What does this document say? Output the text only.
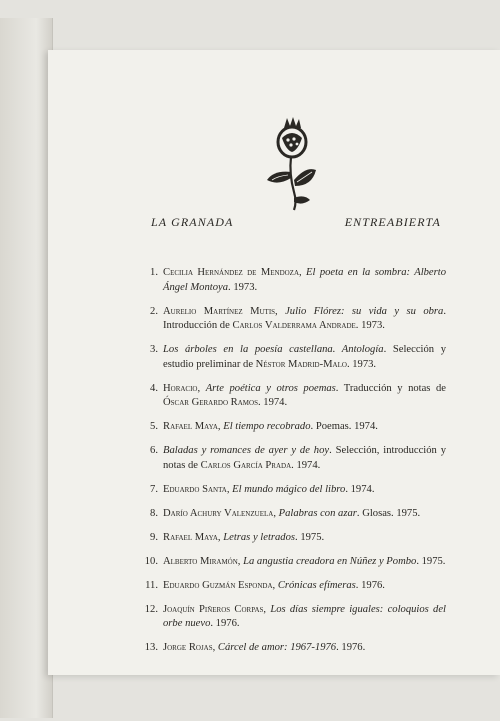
LA GRANADA	ENTREABIERTA
1. Cecilia Hernández de Mendoza, El poeta en la sombra: Alberto Ángel Montoya. 1973.
2. Aurelio Martínez Mutis, Julio Flórez: su vida y su obra. Introducción de Carlos Valderrama Andrade. 1973.
3. Los árboles en la poesía castellana. Antología. Selección y estudio preliminar de Néstor Madrid-Malo. 1973.
4. Horacio, Arte poética y otros poemas. Traducción y notas de Óscar Gerardo Ramos. 1974.
5. Rafael Maya, El tiempo recobrado. Poemas. 1974.
6. Baladas y romances de ayer y de hoy. Selección, introducción y notas de Carlos García Prada. 1974.
7. Eduardo Santa, El mundo mágico del libro. 1974.
8. Darío Achury Valenzuela, Palabras con azar. Glosas. 1975.
9. Rafael Maya, Letras y letrados. 1975.
10. Alberto Miramón, La angustia creadora en Núñez y Pombo. 1975.
11. Eduardo Guzmán Esponda, Crónicas efímeras. 1976.
12. Joaquín Piñeros Corpas, Los días siempre iguales: coloquios del orbe nuevo. 1976.
13. Jorge Rojas, Cárcel de amor: 1967-1976. 1976.
